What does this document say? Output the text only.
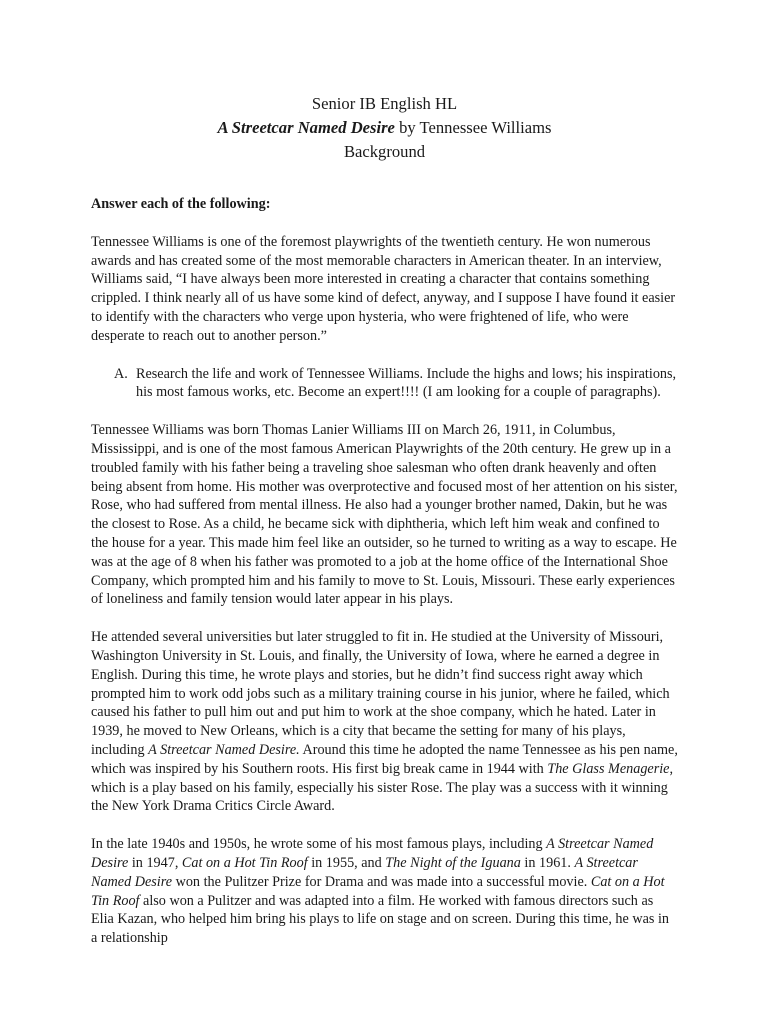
Senior IB English HL
A Streetcar Named Desire by Tennessee Williams
Background
Answer each of the following:

Tennessee Williams is one of the foremost playwrights of the twentieth century. He won numerous awards and has created some of the most memorable characters in American theater. In an interview, Williams said, “I have always been more interested in creating a character that contains something crippled. I think nearly all of us have some kind of defect, anyway, and I suppose I have found it easier to identify with the characters who verge upon hysteria, who were frightened of life, who were desperate to reach out to another person.”

A. Research the life and work of Tennessee Williams. Include the highs and lows; his inspirations, his most famous works, etc. Become an expert!!!! (I am looking for a couple of paragraphs).

Tennessee Williams was born Thomas Lanier Williams III on March 26, 1911, in Columbus, Mississippi, and is one of the most famous American Playwrights of the 20th century. He grew up in a troubled family with his father being a traveling shoe salesman who often drank heavenly and often being absent from home. His mother was overprotective and focused most of her attention on his sister, Rose, who had suffered from mental illness. He also had a younger brother named, Dakin, but he was the closest to Rose. As a child, he became sick with diphtheria, which left him weak and confined to the house for a year. This made him feel like an outsider, so he turned to writing as a way to escape. He was at the age of 8 when his father was promoted to a job at the home office of the International Shoe Company, which prompted him and his family to move to St. Louis, Missouri. These early experiences of loneliness and family tension would later appear in his plays.

He attended several universities but later struggled to fit in. He studied at the University of Missouri, Washington University in St. Louis, and finally, the University of Iowa, where he earned a degree in English. During this time, he wrote plays and stories, but he didn’t find success right away which prompted him to work odd jobs such as a military training course in his junior, where he failed, which caused his father to pull him out and put him to work at the shoe company, which he hated. Later in 1939, he moved to New Orleans, which is a city that became the setting for many of his plays, including A Streetcar Named Desire. Around this time he adopted the name Tennessee as his pen name, which was inspired by his Southern roots. His first big break came in 1944 with The Glass Menagerie, which is a play based on his family, especially his sister Rose. The play was a success with it winning the New York Drama Critics Circle Award.

In the late 1940s and 1950s, he wrote some of his most famous plays, including A Streetcar Named Desire in 1947, Cat on a Hot Tin Roof in 1955, and The Night of the Iguana in 1961. A Streetcar Named Desire won the Pulitzer Prize for Drama and was made into a successful movie. Cat on a Hot Tin Roof also won a Pulitzer and was adapted into a film. He worked with famous directors such as Elia Kazan, who helped him bring his plays to life on stage and on screen. During this time, he was in a relationship
